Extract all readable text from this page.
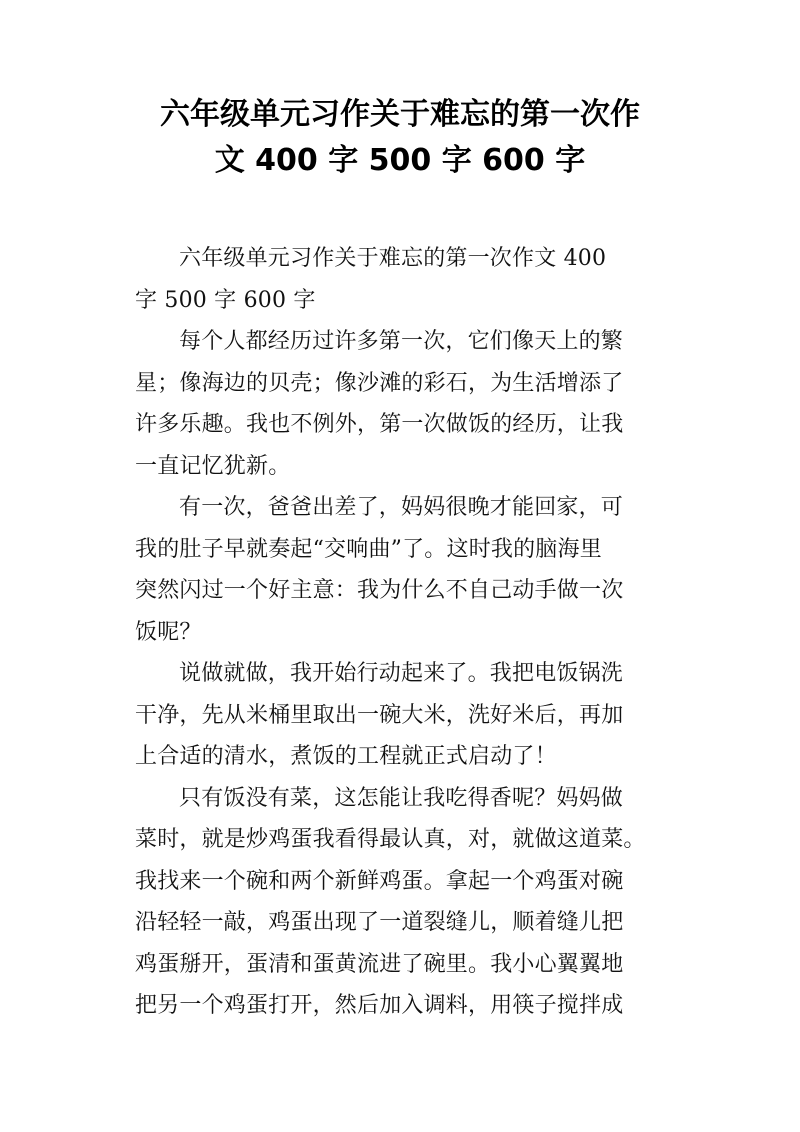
六年级单元习作关于难忘的第一次作
文 400 字 500 字 600 字

六年级单元习作关于难忘的第一次作文 400
字 500 字 600 字

每个人都经历过许多第一次，它们像天上的繁
星；像海边的贝壳；像沙滩的彩石，为生活增添了
许多乐趣。我也不例外，第一次做饭的经历，让我
一直记忆犹新。

有一次，爸爸出差了，妈妈很晚才能回家，可
我的肚子早就奏起“交响曲”了。这时我的脑海里
突然闪过一个好主意：我为什么不自己动手做一次
饭呢？

说做就做，我开始行动起来了。我把电饭锅洗
干净，先从米桶里取出一碗大米，洗好米后，再加
上合适的清水，煮饭的工程就正式启动了！

只有饭没有菜，这怎能让我吃得香呢？妈妈做
菜时，就是炒鸡蛋我看得最认真，对，就做这道菜。
我找来一个碗和两个新鲜鸡蛋。拿起一个鸡蛋对碗
沿轻轻一敲，鸡蛋出现了一道裂缝儿，顺着缝儿把
鸡蛋掰开，蛋清和蛋黄流进了碗里。我小心翼翼地
把另一个鸡蛋打开，然后加入调料，用筷子搅拌成
